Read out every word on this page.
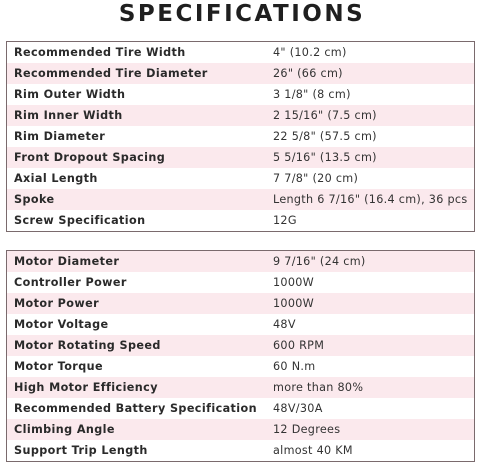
SPECIFICATIONS
Recommended Tire Width	4" (10.2 cm)
Recommended Tire Diameter	26" (66 cm)
Rim Outer Width	3 1/8" (8 cm)
Rim Inner Width	2 15/16" (7.5 cm)
Rim Diameter	22 5/8" (57.5 cm)
Front Dropout Spacing	5 5/16" (13.5 cm)
Axial Length	7 7/8" (20 cm)
Spoke	Length 6 7/16" (16.4 cm), 36 pcs
Screw Specification	12G
Motor Diameter	9 7/16" (24 cm)
Controller Power	1000W
Motor Power	1000W
Motor Voltage	48V
Motor Rotating Speed	600 RPM
Motor Torque	60 N.m
High Motor Efficiency	more than 80%
Recommended Battery Specification	48V/30A
Climbing Angle	12 Degrees
Support Trip Length	almost 40 KM
